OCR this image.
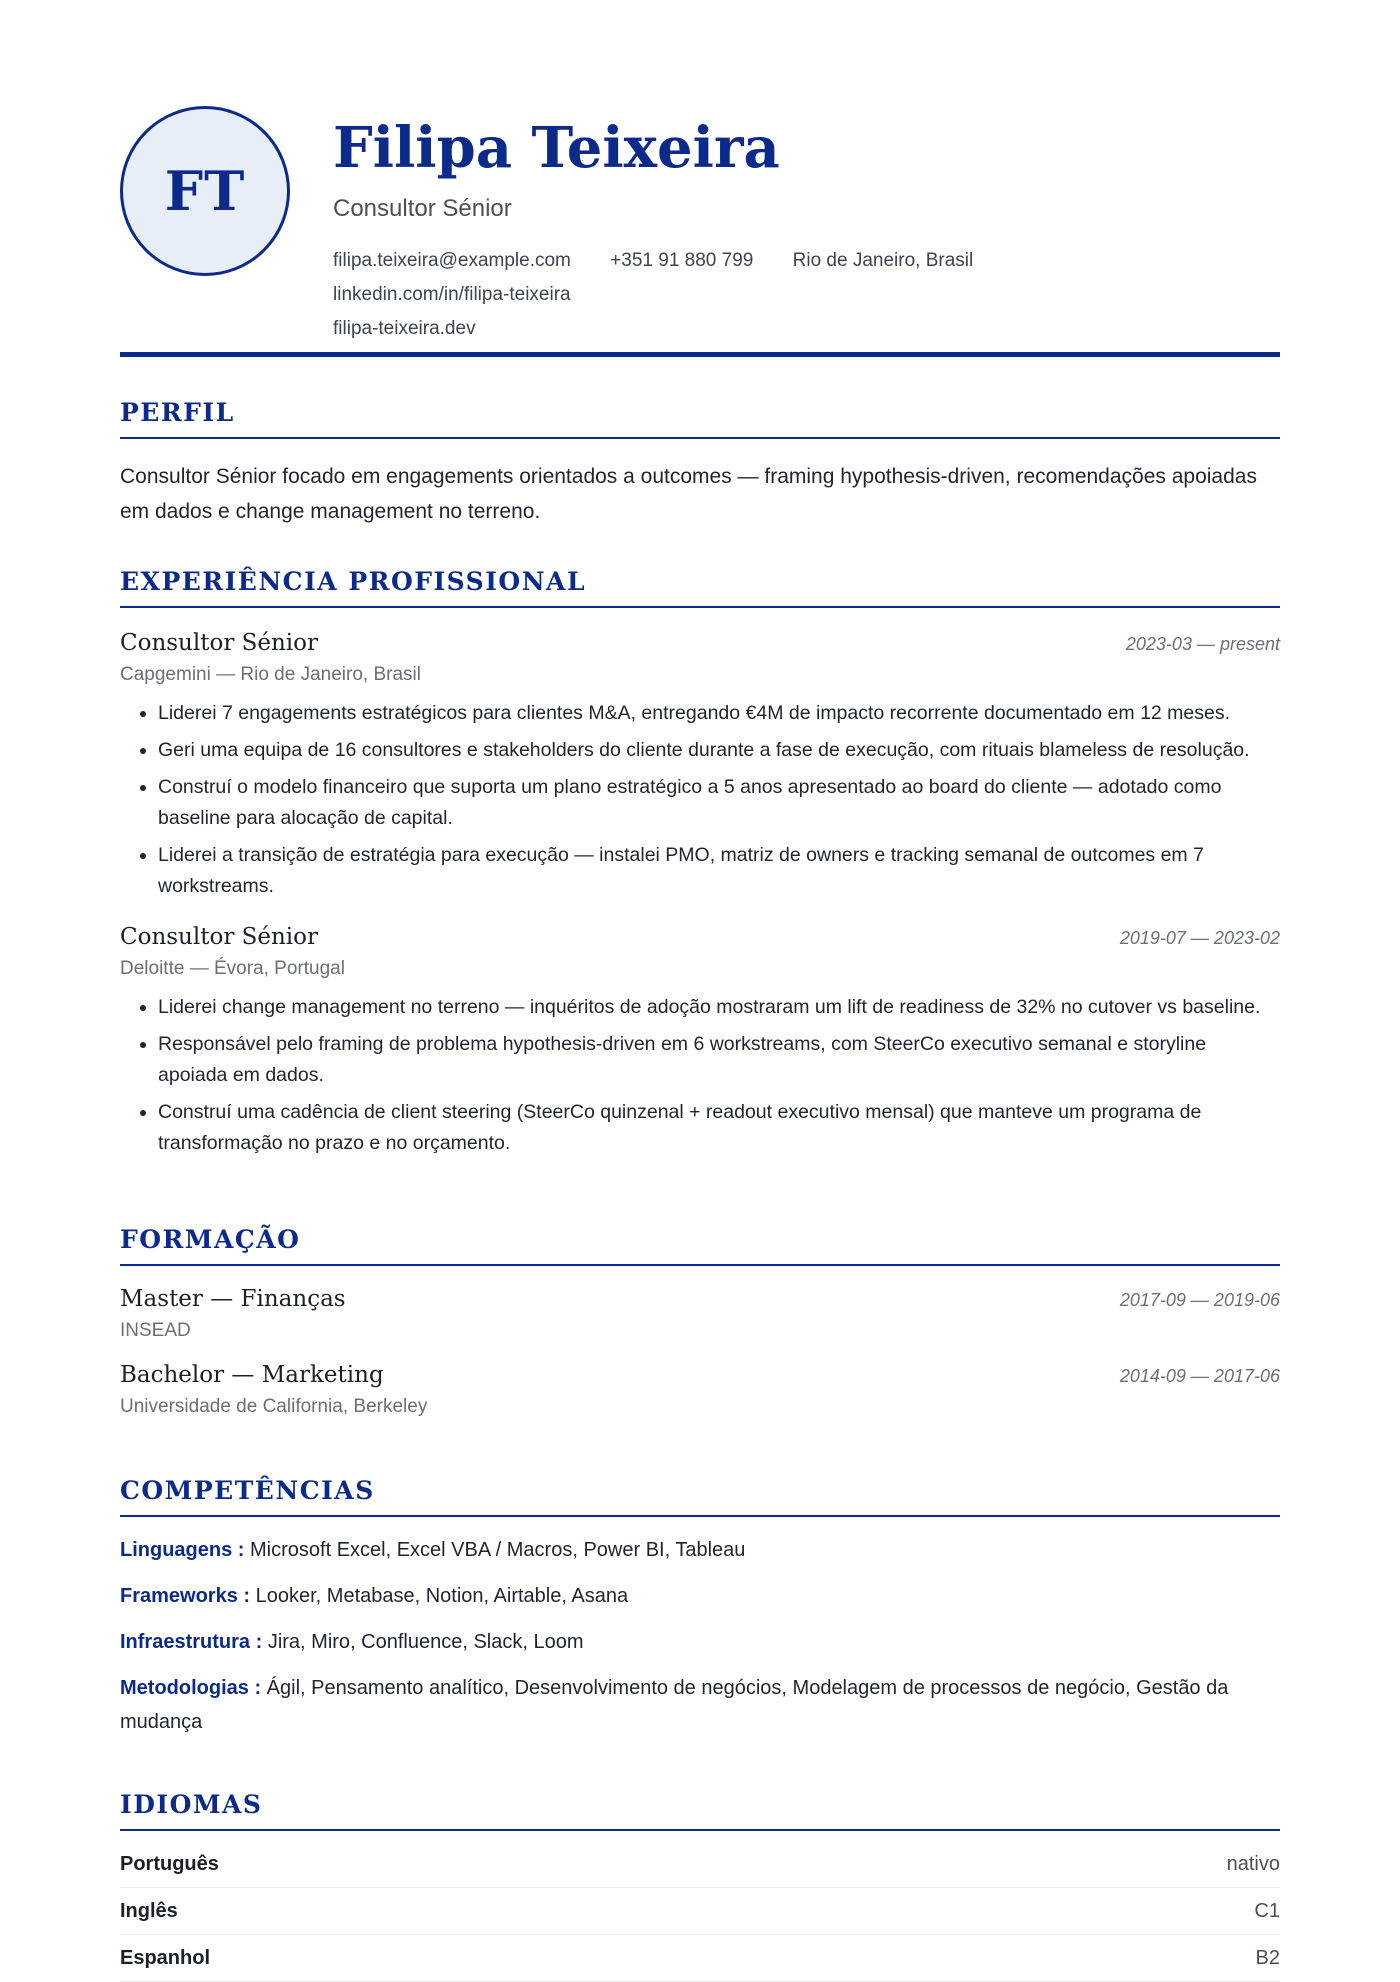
FT
Filipa Teixeira
Consultor Sénior
filipa.teixeira@example.com +351 91 880 799 Rio de Janeiro, Brasil linkedin.com/in/filipa-teixeira
filipa-teixeira.dev
PERFIL
Consultor Sénior focado em engagements orientados a outcomes — framing hypothesis-driven, recomendações apoiadas em dados e change management no terreno.
EXPERIÊNCIA PROFISSIONAL
Consultor Sénior	2023-03 — present
Capgemini — Rio de Janeiro, Brasil
• Liderei 7 engagements estratégicos para clientes M&A, entregando €4M de impacto recorrente documentado em 12 meses.
• Geri uma equipa de 16 consultores e stakeholders do cliente durante a fase de execução, com rituais blameless de resolução.
• Construí o modelo financeiro que suporta um plano estratégico a 5 anos apresentado ao board do cliente — adotado como baseline para alocação de capital.
• Liderei a transição de estratégia para execução — instalei PMO, matriz de owners e tracking semanal de outcomes em 7 workstreams.
Consultor Sénior	2019-07 — 2023-02
Deloitte — Évora, Portugal
• Liderei change management no terreno — inquéritos de adoção mostraram um lift de readiness de 32% no cutover vs baseline.
• Responsável pelo framing de problema hypothesis-driven em 6 workstreams, com SteerCo executivo semanal e storyline apoiada em dados.
• Construí uma cadência de client steering (SteerCo quinzenal + readout executivo mensal) que manteve um programa de transformação no prazo e no orçamento.
FORMAÇÃO
Master — Finanças	2017-09 — 2019-06
INSEAD
Bachelor — Marketing	2014-09 — 2017-06
Universidade de California, Berkeley
COMPETÊNCIAS
Linguagens : Microsoft Excel, Excel VBA / Macros, Power BI, Tableau
Frameworks : Looker, Metabase, Notion, Airtable, Asana
Infraestrutura : Jira, Miro, Confluence, Slack, Loom
Metodologias : Ágil, Pensamento analítico, Desenvolvimento de negócios, Modelagem de processos de negócio, Gestão da mudança
IDIOMAS
Português	nativo
Inglês	C1
Espanhol	B2
